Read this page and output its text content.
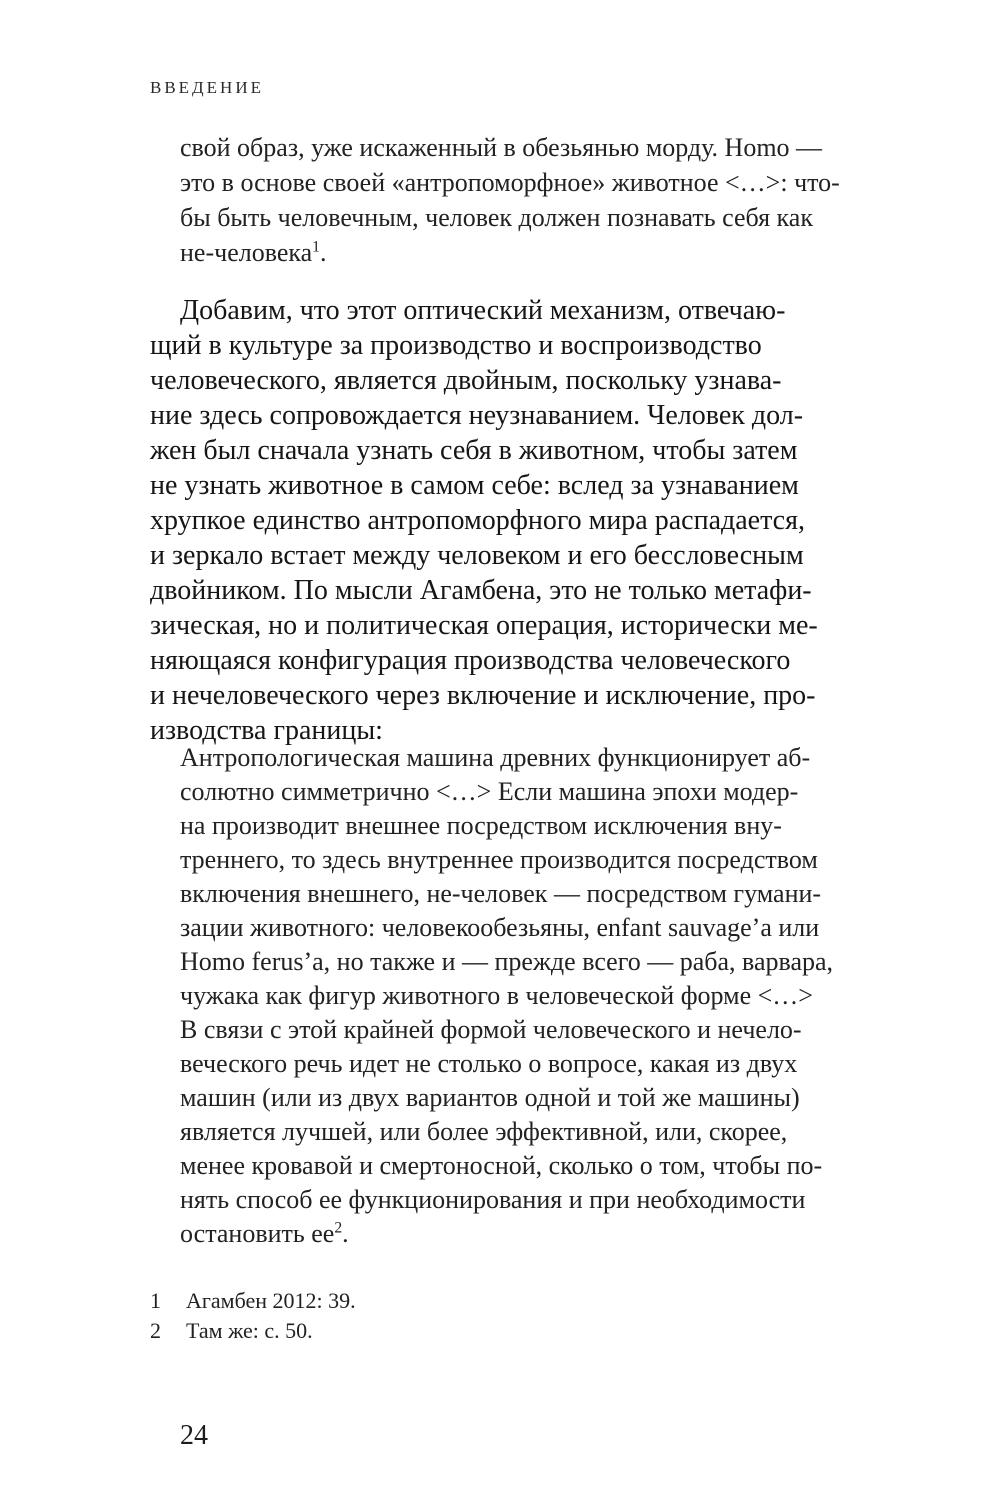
ВВЕДЕНИЕ
свой образ, уже искаженный в обезьянью морду. Homo —
это в основе своей «антропоморфное» животное <…>: что-
бы быть человечным, человек должен познавать себя как
не-человека$^1$.
Добавим, что этот оптический механизм, отвечаю-
щий в культуре за производство и воспроизводство
человеческого, является двойным, поскольку узнава-
ние здесь сопровождается неузнаванием. Человек дол-
жен был сначала узнать себя в животном, чтобы затем
не узнать животное в самом себе: вслед за узнаванием
хрупкое единство антропоморфного мира распадается,
и зеркало встает между человеком и его бессловесным
двойником. По мысли Агамбена, это не только метафи-
зическая, но и политическая операция, исторически ме-
няющаяся конфигурация производства человеческого
и нечеловеческого через включение и исключение, про-
изводства границы:
Антропологическая машина древних функционирует аб-
солютно симметрично <…> Если машина эпохи модер-
на производит внешнее посредством исключения вну-
треннего, то здесь внутреннее производится посредством
включения внешнего, не-человек — посредством гумани-
зации животного: человекообезьяны, enfant sauvage’а или
Homo ferus’а, но также и — прежде всего — раба, варвара,
чужака как фигур животного в человеческой форме <…>
В связи с этой крайней формой человеческого и нечело-
веческого речь идет не столько о вопросе, какая из двух
машин (или из двух вариантов одной и той же машины)
является лучшей, или более эффективной, или, скорее,
менее кровавой и смертоносной, сколько о том, чтобы по-
нять способ ее функционирования и при необходимости
остановить $ее^2$.
1 Агамбен 2012: 39.
2 Там же: с. 50.
24
